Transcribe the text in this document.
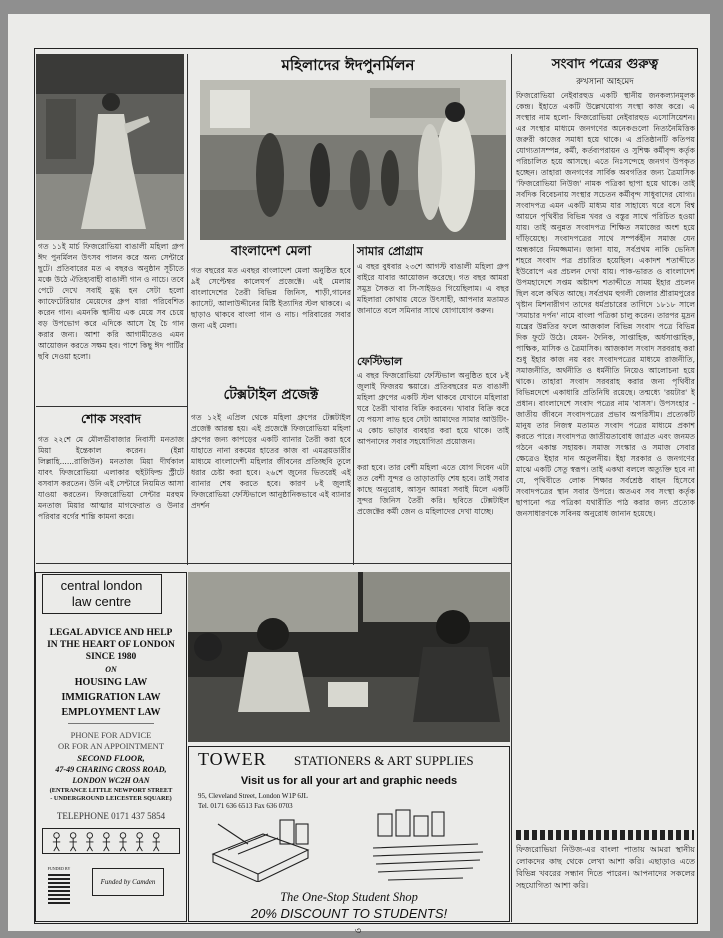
গত ১১ই মার্চ ফিজরোভিয়া বাঙালী মহিলা গ্রুপ ঈদ পুনর্মিলন উৎসব পালন করে অন্য সেন্টারে ছুটে। প্রতিবারের মত এ বছরও অনুষ্ঠান সূচীতে মঞ্চে উঠে ঐতিহ্যবাহী বাঙালী গান ও নাচে। তবে পেটে দেখে সবাই মুগ্ধ হন সেটা হলো ক্যাফেটেরিয়ার মেয়েদের গ্রুপ যারা পরিবেশিত করেন গান। এমনকি স্থানীয় এক মেয়ে সব চেয়ে বড় উপভোগ করে এদিকে আসে হৈ চৈ গান করার জন্য। আশা করি আগামীতেও এমন আয়োজন করতে সক্ষম হব। পাশে কিছু ঈদ পার্টির ছবি দেওয়া হলো।

মহিলাদের ঈদপুনর্মিলন

শোক সংবাদ

গত ২২শে মে মৌলভীবাজার নিবাসী মনতাজ মিয়া ইন্তেকাল করেন। (ইন্না লিল্লাহি......রাজিউন) মনতাজ মিয়া দীর্ঘকাল যাবৎ ফিজরোভিয়া এলাকার হুইটফিল্ড স্ট্রীটে বসবাস করতেন। উনি এই সেন্টারে নিয়মিত আসা যাওয়া করতেন। ফিজরোভিয়া সেন্টার মরহুম মনতাজ মিয়ার আত্মার মাগফেরাত ও উনার পরিবার বর্গের শান্তি কামনা করে।

বাংলাদেশ মেলা

গত বছরের মত এবছর বাংলাদেশ মেলা অনুষ্ঠিত হবে ৯ই সেপ্টেম্বর কালেঘর্প প্রজেক্টে। এই মেলায় বাংলাদেশের তৈরী বিভিন্ন জিনিস, শাড়ী,গানের ক্যাসেট, আলাউদ্দীনের মিষ্টি ইত্যাদির স্টল থাকবে। এ ছাড়াও থাকবে বাংলা গান ও নাচ। পরিবারের সবার জন্য এই মেলা।

টেক্সটাইল প্রজেক্ট

গত ১২ই এপ্রিল থেকে মহিলা গ্রুপের টেক্সটাইল প্রজেক্ট আরম্ভ হয়। এই প্রজেক্টে ফিজরোভিয়া মহিলা গ্রুপের জন্য কাপড়ের একটি ব্যানার তৈরী করা হবে যাহাতে নানা রকমের হাতের কাজ বা এমব্রয়ডারীর মাধ্যমে বাংলাদেশী মহিলার জীবনের প্রতিচ্ছবি তুলে ধরার চেষ্টা করা হবে। ২৬শে জুনের ভিতরেই এই ব্যানার শেষ করতে হবে। কারণ ৮ই জুলাই ফিজরোভিয়া ফেস্টিভালে আনুষ্ঠানিকভাবে এই ব্যানার প্রদর্শন

সামার প্রোগ্রাম

এ বছর বুধবার ২৩শে আগস্ট বাঙালী মহিলা গ্রুপ বাইরে যাবার আয়োজন করেছে। গত বছর আমরা সমুদ্র সৈকত বা সি-সাইডও গিয়েছিলাম। এ বছর মহিলারা কোথায় যেতে উৎসাহী, আপনার মতামত জানাতে বলে সমিনার সাথে যোগাযোগ করুন।

ফেস্টিভাল

এ বছর ফিজরোভিয়া ফেস্টিভাল অনুষ্ঠিত হবে ৮ই জুলাই ফিজরয় স্কয়ারে। প্রতিবছরের মত বাঙালী মহিলা গ্রুপের একটি স্টল থাকবে যেখানে মহিলারা ঘরে তৈরী খাবার বিক্রি করবেন। খাবার বিক্রি করে যে পয়সা লাভ হবে সেটা আমাদের সামার আউটিং-এ কোচ ভাড়ার ব্যবহার করা হয়ে থাকে। তাই আপনাদের সবার সহযোগিতা প্রয়োজন।

করা হবে। তার বেশী মহিলা এতে যোগ দিবেন এটা তত বেশী সুন্দর ও তাড়াতাড়ি শেষ হবে। তাই সবার কাছে অনুরোধ, আসুন আমরা সবাই মিলে একটি সুন্দর জিনিস তৈরী করি। ছবিতে টেক্সটাইল প্রজেক্টের কর্মী জেন ও মহিলাদের দেখা যাচ্ছে।

সংবাদ পত্রের গুরুত্ব

রুখসানা আহমেদ

ফিজরোভিয়া নেইবারহুড একটি স্থানীয় জনকল্যানমূলক কেন্দ্র। ইহাতে একটি উল্লেখযোগ্য সংস্থা কাজ করে। এ সংস্থার নাম হলো- ফিজরোভিয়া নেইবারহুড এসোসিয়েশন। এর সংস্থার মাধ্যমে জনগণের অনেকগুলো নিত্যনৈমিত্তিক জরুরী কাজের সমাধা হয়ে থাকে। এ প্রতিষ্ঠানটি কতিপয় যোগ্যতাসম্পন্ন, কর্মী, কর্তব্যপরায়ন ও সুশিক্ষ কর্মীবৃন্দ কর্তৃক পরিচালিত হয়ে আসছে। এতে নিঃসন্দেহে জনগণ উপকৃত হচ্ছেন। তাহারা জনগণের সার্বিক অবগতির জন্য ত্রৈমাসিক 'ফিজরোভিয়া নিউজ' নামক পত্রিকা ছাপা হয়ে থাকে। তাই সর্বদিক বিবেচনায় সংস্থার সচেতন কর্মীবৃন্দ সাধুবাদের যোগ্য। সংবাদপত্র এমন একটি মাধ্যম যার সাহায্যে ঘরে বসে বিশ্ব আয়নে পৃথিবীর বিভিন্ন খবর ও বস্তুর সাথে পরিচিত হওয়া যায়। তাই অনুন্নত সংবাদপত্র শিক্ষিত সমাজের অংশ হয়ে দাঁড়িয়েছে। সংবাদপত্রের সাথে সম্পর্কহীন সমাজ যেন অন্ধকারে নিমজ্জমান। জানা যায়, সর্বপ্রথম নাকি ভেনিস শহরে সংবাদ পত্র প্রচারিত হয়েছিল। একাদশ শতাব্দীতে ইউরোপে এর প্রচলন দেখা যায়। পাক-ভারত ও বাংলাদেশ উপমহাদেশে সপ্তম অষ্টাদশ শতাব্দীতে সাময় ইহার প্রচলন ছিল বলে কথিত আছে। সর্বপ্রথম হুগলী জেলার শ্রীরামপুরের খৃষ্টান মিশনারীগণ তাদের ধর্মপ্রচারের তাগিদে ১৮১৮ সালে 'সমাচার দর্পন' নামে বাংলা পত্রিকা চালু করেন। তারপর মুদ্রন যন্ত্রের উন্নতির ফলে আজকাল বিভিন্ন সংবাদ পত্রে বিভিন্ন দিক ফুটে উঠে। যেমন- দৈনিক, সাপ্তাহিক, অর্ধসাপ্তাহিক, পাক্ষিক, মাসিক ও ত্রৈমাসিক। আজকাল সংবাদ সরবরাহ করা শুধু ইহার কাজ নয় বরং সংবাদপত্রের মাধ্যমে রাজনীতি, সমাজনীতি, অর্থনীতি ও ধর্মনীতি নিয়েও আলোচনা হয়ে থাকে। তাহারা সংবাদ সরবরাহ করার জন্য পৃথিবীর বিভিন্নদেশে একাধারি প্রতিনিধি রয়েছে। তন্মধ্যে 'রয়টার' ই প্রধান। বাংলাদেশে সংবাদ পত্রের নাম 'বাসস'। উপসংহার - জাতীয় জীবনে সংবাদপত্রের প্রভাব অপরিসীম। প্রত্যেকটি মানুষ তার নিজস্ব মতামত সংবাদ পত্রের মাধ্যমে প্রকাশ করতে পারে। সংবাদপত্র জাতীয়তাবোধ জাগ্রত এবং জনমত গঠনে একান্ত সহায়ক। সমাজ সংস্কার ও সমাজ সেবার ক্ষেত্রেও ইহার দান অতুলনীয়। ইহা সরকার ও জনগণের মাঝে একটি সেতু স্বরূপ। তাই একথা বললে অত্যুক্তি হবে না যে, পৃথিবীতে লোক শিক্ষার সর্বশ্রেষ্ঠ বাহন হিসেবে সংবাদপত্রের স্থান সবার উপরে। অতএব সব সংস্থা কর্তৃক ছাপানো পত্র পত্রিকা যথারীতি পাঠ করার জন্য প্রত্যেক জনসাধারণকে সবিনয় অনুরোধ জানান হয়েছে।

ফিজরোভিয়া নিউজ-এর বাংলা পাতায় আমরা স্থানীয় লোকদের কাছ থেকে লেখা আশা করি। এছাড়াও এতে বিভিন্ন খবরের সন্ধান দিতে পারেন। আপনাদের সকলের সহযোগিতা আশা করি।

central london

law centre

LEGAL ADVICE AND HELP

IN THE HEART OF LONDON

SINCE 1980

ON

HOUSING LAW

IMMIGRATION LAW

EMPLOYMENT LAW

PHONE FOR ADVICE

OR FOR AN APPOINTMENT

SECOND FLOOR,

47-49 CHARING CROSS ROAD,

LONDON WC2H OAN

(ENTRANCE LITTLE NEWPORT STREET

- UNDERGROUND LEICESTER SQUARE)

TELEPHONE 0171 437 5854

FUNDED BY

Funded by Camden

TOWER STATIONERS & ART SUPPLIES

Visit us for all your art and graphic needs

95, Cleveland Street, London W1P 6JL

Tel. 0171 636 6513 Fax 636 0703

The One-Stop Student Shop

20% DISCOUNT TO STUDENTS!

৩
